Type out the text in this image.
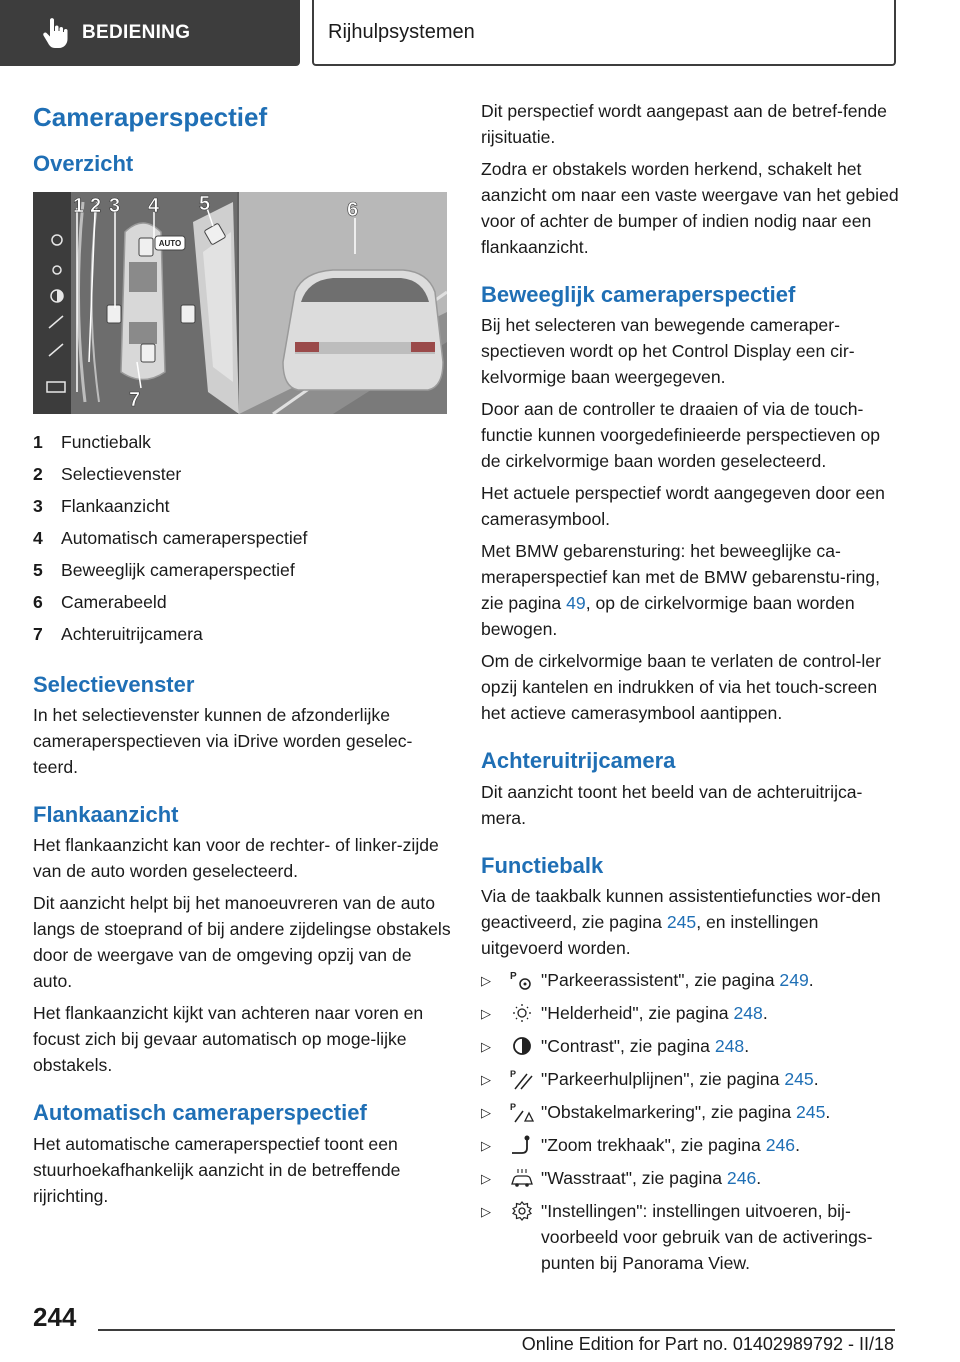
BEDIENING	Rijhulpsystemen
Cameraperspectief
Overzicht
AUTO
1 2 3 4 5	6
7
1	Functiebalk
2	Selectievenster
3	Flankaanzicht
4	Automatisch cameraperspectief
5	Beweeglijk cameraperspectief
6	Camerabeeld
7	Achteruitrijcamera
Selectievenster

In het selectievenster kunnen de afzonderlijke cameraperspectieven via iDrive worden geselec-teerd.

Flankaanzicht

Het flankaanzicht kan voor de rechter- of linker-zijde van de auto worden geselecteerd.

Dit aanzicht helpt bij het manoeuvreren van de auto langs de stoeprand of bij andere zijdelingse obstakels door de weergave van de omgeving opzij van de auto.

Het flankaanzicht kijkt van achteren naar voren en focust zich bij gevaar automatisch op moge-lijke obstakels.

Automatisch cameraperspectief

Het automatische cameraperspectief toont een stuurhoekafhankelijk aanzicht in de betreffende rijrichting.

Dit perspectief wordt aangepast aan de betref-fende rijsituatie.

Zodra er obstakels worden herkend, schakelt het aanzicht om naar een vaste weergave van het gebied voor of achter de bumper of indien nodig naar een flankaanzicht.

Beweeglijk cameraperspectief

Bij het selecteren van bewegende cameraper-spectieven wordt op het Control Display een cir-kelvormige baan weergegeven.

Door aan de controller te draaien of via de touch-functie kunnen voorgedefinieerde perspectieven op de cirkelvormige baan worden geselecteerd.

Het actuele perspectief wordt aangegeven door een camerasymbool.

Met BMW gebarensturing: het beweeglijke ca-meraperspectief kan met de BMW gebarenstu-ring, zie pagina 49, op de cirkelvormige baan worden bewogen.

Om de cirkelvormige baan te verlaten de control-ler opzij kantelen en indrukken of via het touch-screen het actieve camerasymbool aantippen.

Achteruitrijcamera

Dit aanzicht toont het beeld van de achteruitrijca-mera.

Functiebalk

Via de taakbalk kunnen assistentiefuncties wor-den geactiveerd, zie pagina 245, en instellingen uitgevoerd worden.

▷	P "Parkeerassistent", zie pagina 249.
▷	"Helderheid", zie pagina 248.
▷	"Contrast", zie pagina 248.
▷	P "Parkeerhulplijnen", zie pagina 245.
▷	P "Obstakelmarkering", zie pagina 245.
▷	"Zoom trekhaak", zie pagina 246.
▷	"Wasstraat", zie pagina 246.
▷	"Instellingen": instellingen uitvoeren, bij-voorbeeld voor gebruik van de activerings-punten bij Panorama View.
244
Online Edition for Part no. 01402989792 - II/18
